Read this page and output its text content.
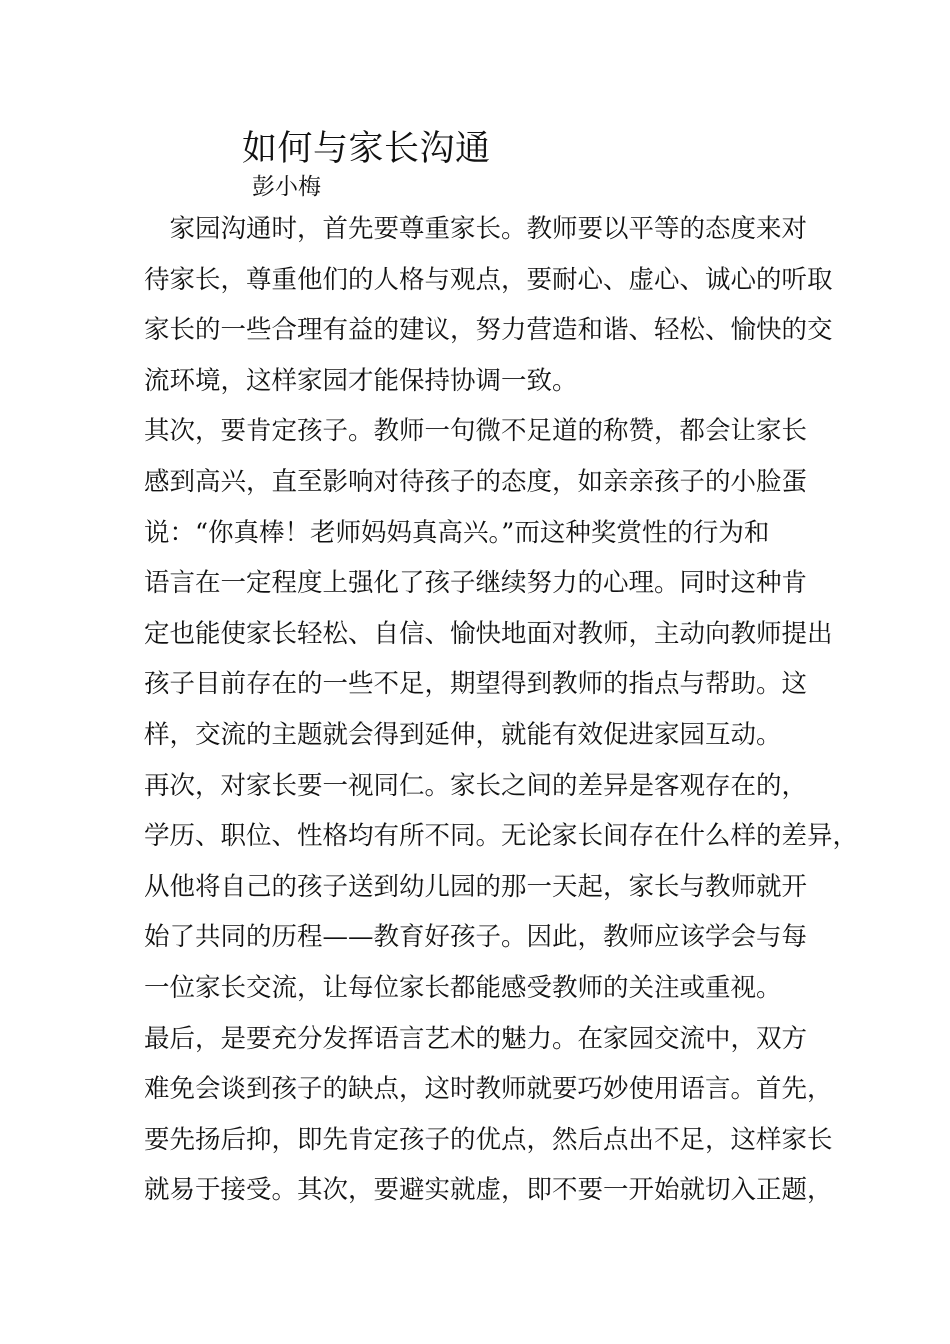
如何与家长沟通
彭小梅
　家园沟通时，首先要尊重家长。教师要以平等的态度来对
待家长，尊重他们的人格与观点，要耐心、虚心、诚心的听取
家长的一些合理有益的建议，努力营造和谐、轻松、愉快的交
流环境，这样家园才能保持协调一致。
其次，要肯定孩子。教师一句微不足道的称赞，都会让家长
感到高兴，直至影响对待孩子的态度，如亲亲孩子的小脸蛋
说：“你真棒！老师妈妈真高兴。”而这种奖赏性的行为和
语言在一定程度上强化了孩子继续努力的心理。同时这种肯
定也能使家长轻松、自信、愉快地面对教师，主动向教师提出
孩子目前存在的一些不足，期望得到教师的指点与帮助。这
样，交流的主题就会得到延伸，就能有效促进家园互动。
再次，对家长要一视同仁。家长之间的差异是客观存在的，
学历、职位、性格均有所不同。无论家长间存在什么样的差异，
从他将自己的孩子送到幼儿园的那一天起，家长与教师就开
始了共同的历程——教育好孩子。因此，教师应该学会与每
一位家长交流，让每位家长都能感受教师的关注或重视。
最后，是要充分发挥语言艺术的魅力。在家园交流中，双方
难免会谈到孩子的缺点，这时教师就要巧妙使用语言。首先，
要先扬后抑，即先肯定孩子的优点，然后点出不足，这样家长
就易于接受。其次，要避实就虚，即不要一开始就切入正题，
